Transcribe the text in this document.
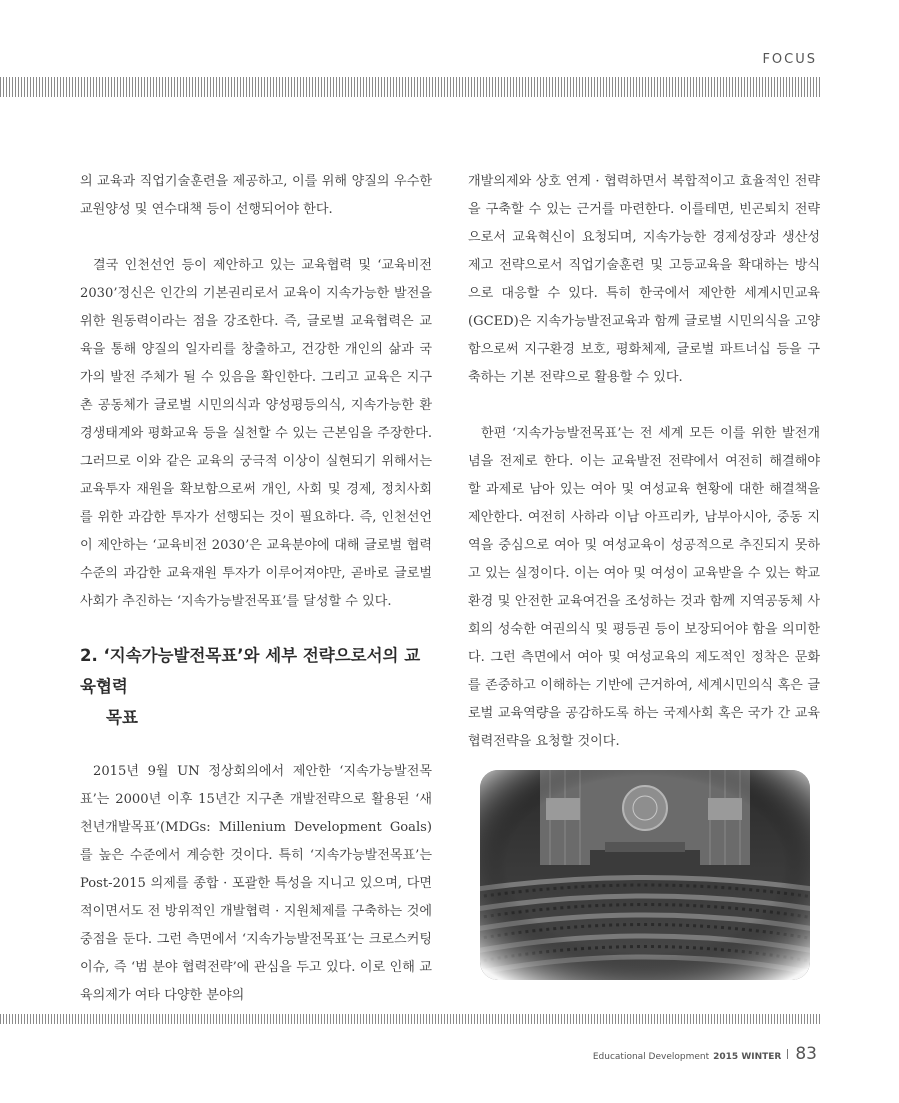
FOCUS

의 교육과 직업기술훈련을 제공하고, 이를 위해 양질의 우수한 교원양성 및 연수대책 등이 선행되어야 한다.

결국 인천선언 등이 제안하고 있는 교육협력 및 ‘교육비전 2030’정신은 인간의 기본권리로서 교육이 지속가능한 발전을 위한 원동력이라는 점을 강조한다. 즉, 글로벌 교육협력은 교육을 통해 양질의 일자리를 창출하고, 건강한 개인의 삶과 국가의 발전 주체가 될 수 있음을 확인한다. 그리고 교육은 지구촌 공동체가 글로벌 시민의식과 양성평등의식, 지속가능한 환경생태계와 평화교육 등을 실천할 수 있는 근본임을 주장한다. 그러므로 이와 같은 교육의 궁극적 이상이 실현되기 위해서는 교육투자 재원을 확보함으로써 개인, 사회 및 경제, 정치사회를 위한 과감한 투자가 선행되는 것이 필요하다. 즉, 인천선언이 제안하는 ‘교육비전 2030’은 교육분야에 대해 글로벌 협력 수준의 과감한 교육재원 투자가 이루어져야만, 곧바로 글로벌 사회가 추진하는 ‘지속가능발전목표’를 달성할 수 있다.

2. ‘지속가능발전목표’와 세부 전략으로서의 교육협력
목표

2015년 9월 UN 정상회의에서 제안한 ‘지속가능발전목표’는 2000년 이후 15년간 지구촌 개발전략으로 활용된 ‘새천년개발목표’(MDGs: Millenium Development Goals)를 높은 수준에서 계승한 것이다. 특히 ‘지속가능발전목표’는 Post-2015 의제를 종합 · 포괄한 특성을 지니고 있으며, 다면적이면서도 전 방위적인 개발협력 · 지원체제를 구축하는 것에 중점을 둔다. 그런 측면에서 ‘지속가능발전목표’는 크로스커팅 이슈, 즉 ‘범 분야 협력전략’에 관심을 두고 있다. 이로 인해 교육의제가 여타 다양한 분야의

개발의제와 상호 연계 · 협력하면서 복합적이고 효율적인 전략을 구축할 수 있는 근거를 마련한다. 이를테면, 빈곤퇴치 전략으로서 교육혁신이 요청되며, 지속가능한 경제성장과 생산성 제고 전략으로서 직업기술훈련 및 고등교육을 확대하는 방식으로 대응할 수 있다. 특히 한국에서 제안한 세계시민교육(GCED)은 지속가능발전교육과 함께 글로벌 시민의식을 고양함으로써 지구환경 보호, 평화체제, 글로벌 파트너십 등을 구축하는 기본 전략으로 활용할 수 있다.

한편 ‘지속가능발전목표’는 전 세계 모든 이를 위한 발전개념을 전제로 한다. 이는 교육발전 전략에서 여전히 해결해야 할 과제로 남아 있는 여아 및 여성교육 현황에 대한 해결책을 제안한다. 여전히 사하라 이남 아프리카, 남부아시아, 중동 지역을 중심으로 여아 및 여성교육이 성공적으로 추진되지 못하고 있는 실정이다. 이는 여아 및 여성이 교육받을 수 있는 학교환경 및 안전한 교육여건을 조성하는 것과 함께 지역공동체 사회의 성숙한 여권의식 및 평등권 등이 보장되어야 함을 의미한다. 그런 측면에서 여아 및 여성교육의 제도적인 정착은 문화를 존중하고 이해하는 기반에 근거하여, 세계시민의식 혹은 글로벌 교육역량을 공감하도록 하는 국제사회 혹은 국가 간 교육협력전략을 요청할 것이다.

Educational Development 2015 WINTER 83
